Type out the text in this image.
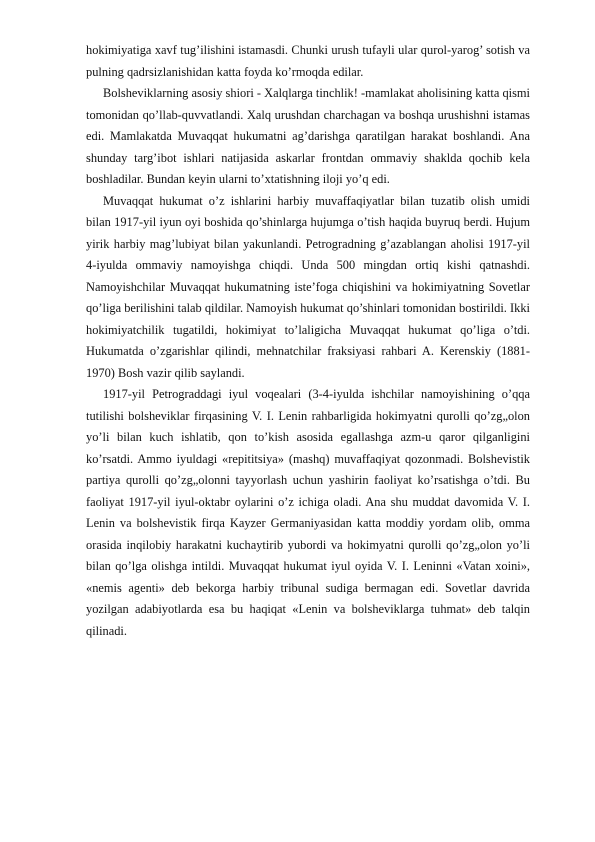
hokimiyatiga xavf tug’ilishini istamasdi. Chunki urush tufayli ular qurol-yarog’ sotish va pulning qadrsizlanishidan katta foyda ko’rmoqda edilar.

Bolsheviklarning asosiy shiori - Xalqlarga tinchlik! -mamlakat aholisining katta qismi tomonidan qo’llab-quvvatlandi. Xalq urushdan charchagan va boshqa urushishni istamas edi. Mamlakatda Muvaqqat hukumatni ag’darishga qaratilgan harakat boshlandi. Ana shunday targ’ibot ishlari natijasida askarlar frontdan ommaviy shaklda qochib kela boshladilar. Bundan keyin ularni to’xtatishning iloji yo’q edi.

Muvaqqat hukumat o’z ishlarini harbiy muvaffaqiyatlar bilan tuzatib olish umidi bilan 1917-yil iyun oyi boshida qo’shinlarga hujumga o’tish haqida buyruq berdi. Hujum yirik harbiy mag’lubiyat bilan yakunlandi. Petrogradning g’azablangan aholisi 1917-yil 4-iyulda ommaviy namoyishga chiqdi. Unda 500 mingdan ortiq kishi qatnashdi. Namoyishchilar Muvaqqat hukumatning iste’foga chiqishini va hokimiyatning Sovetlar qo’liga berilishini talab qildilar. Namoyish hukumat qo’shinlari tomonidan bostirildi. Ikki hokimiyatchilik tugatildi, hokimiyat to’laligicha Muvaqqat hukumat qo’liga o’tdi. Hukumatda o’zgarishlar qilindi, mehnatchilar fraksiyasi rahbari A. Kerenskiy (1881-1970) Bosh vazir qilib saylandi.

1917-yil Petrograddagi iyul voqealari (3-4-iyulda ishchilar namoyishining o’qqa tutilishi bolsheviklar firqasining V. I. Lenin rahbarligida hokimyatni qurolli qo’zg„olon yo’li bilan kuch ishlatib, qon to’kish asosida egallashga azm-u qaror qilganligini ko’rsatdi. Ammo iyuldagi «repititsiya» (mashq) muvaffaqiyat qozonmadi. Bolshevistik partiya qurolli qo’zg„olonni tayyorlash uchun yashirin faoliyat ko’rsatishga o’tdi. Bu faoliyat 1917-yil iyul-oktabr oylarini o’z ichiga oladi. Ana shu muddat davomida V. I. Lenin va bolshevistik firqa Kayzer Germaniyasidan katta moddiy yordam olib, omma orasida inqilobiy harakatni kuchaytirib yubordi va hokimyatni qurolli qo’zg„olon yo’li bilan qo’lga olishga intildi. Muvaqqat hukumat iyul oyida V. I. Leninni «Vatan xoini», «nemis agenti» deb bekorga harbiy tribunal sudiga bermagan edi. Sovetlar davrida yozilgan adabiyotlarda esa bu haqiqat «Lenin va bolsheviklarga tuhmat» deb talqin qilinadi.
